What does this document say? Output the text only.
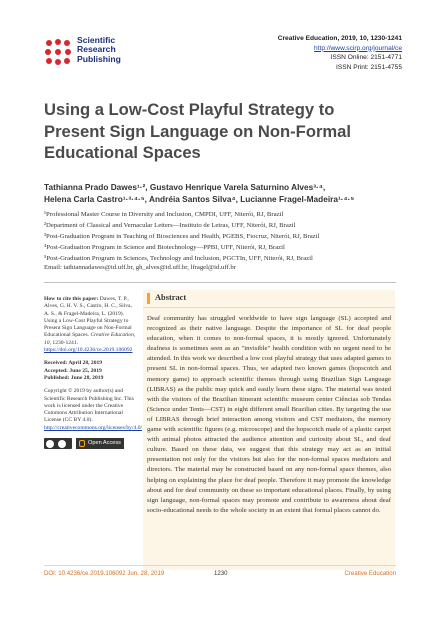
Scientific
Research
Publishing
Creative Education, 2019, 10, 1230-1241
http://www.scirp.org/journal/ce
ISSN Online: 2151-4771
ISSN Print: 2151-4755
Using a Low-Cost Playful Strategy to Present Sign Language on Non-Formal Educational Spaces
Tathianna Prado Dawes¹·², Gustavo Henrique Varela Saturnino Alves³·⁴,
Helena Carla Castro¹·³·⁴·⁵, Andréia Santos Silva⁴, Lucianne Fragel-Madeira¹·⁴·⁵
¹Professional Master Course in Diversity and Inclusion, CMPDI, UFF, Niterói, RJ, Brazil
²Department of Classical and Vernacular Letters—Instituto de Letras, UFF, Niterói, RJ, Brazil
³Post-Graduation Program in Teaching of Biosciences and Health, PGEBS, Fiocruz, Niterói, RJ, Brazil
⁴Post-Graduation Program in Science and Biotechnology—PPBI, UFF, Niterói, RJ, Brazil
⁵Post-Graduation Program in Sciences, Technology and Inclusion, PGCTIn, UFF, Niterói, RJ, Brazil
Email: tathiannadawes@id.uff.br, gh_alves@id.uff.br, lfragel@id.uff.br

How to cite this paper: Dawes, T. P., Alves, G. H. V. S., Castro, H. C., Silva, A. S., & Fragel-Madeira, L. (2019). Using a Low-Cost Playful Strategy to Present Sign Language on Non-Formal Educational Spaces. Creative Education, 10, 1230-1241.
https://doi.org/10.4236/ce.2019.106092

Received: April 28, 2019
Accepted: June 25, 2019
Published: June 28, 2019

Copyright © 2019 by author(s) and Scientific Research Publishing Inc. This work is licensed under the Creative Commons Attribution International License (CC BY 4.0).
http://creativecommons.org/licenses/by/4.0/

Open Access
Abstract
Deaf community has struggled worldwide to have sign language (SL) accepted and recognized as their native language. Despite the importance of SL for deaf people education, when it comes to non-formal spaces, it is mostly ignored. Unfortunately deafness is sometimes seen as an "invisible" health condition with no urgent need to be attended. In this work we described a low cost playful strategy that uses adapted games to present SL in non-formal spaces. Thus, we adapted two known games (hopscotch and memory game) to approach scientific themes through using Brazilian Sign Language (LIBRAS) as the public may quick and easily learn these signs. The material was tested with the visitors of the Brazilian itinerant scientific museum center Ciências sob Tendas (Science under Tents—CST) in eight different small Brazilian cities. By targeting the use of LIBRAS through brief interaction among visitors and CST mediators, the memory game with scientific figures (e.g. microscope) and the hopscotch made of a plastic carpet with animal photos attracted the audience attention and curiosity about SL, and deaf culture. Based on these data, we suggest that this strategy may act as an initial presentation not only for the visitors but also for the non-formal spaces mediators and directors. The material may be constructed based on any non-formal space themes, also helping on explaining the place for deaf people. Therefore it may promote the knowledge about and for deaf community on these so important educational places. Finally, by using sign language, non-formal spaces may promote and contribute to awareness about deaf socio-educational needs to the whole society in an extent that formal places cannot do.
DOI: 10.4236/ce.2019.106092 Jun. 28, 2019	1230	Creative Education
